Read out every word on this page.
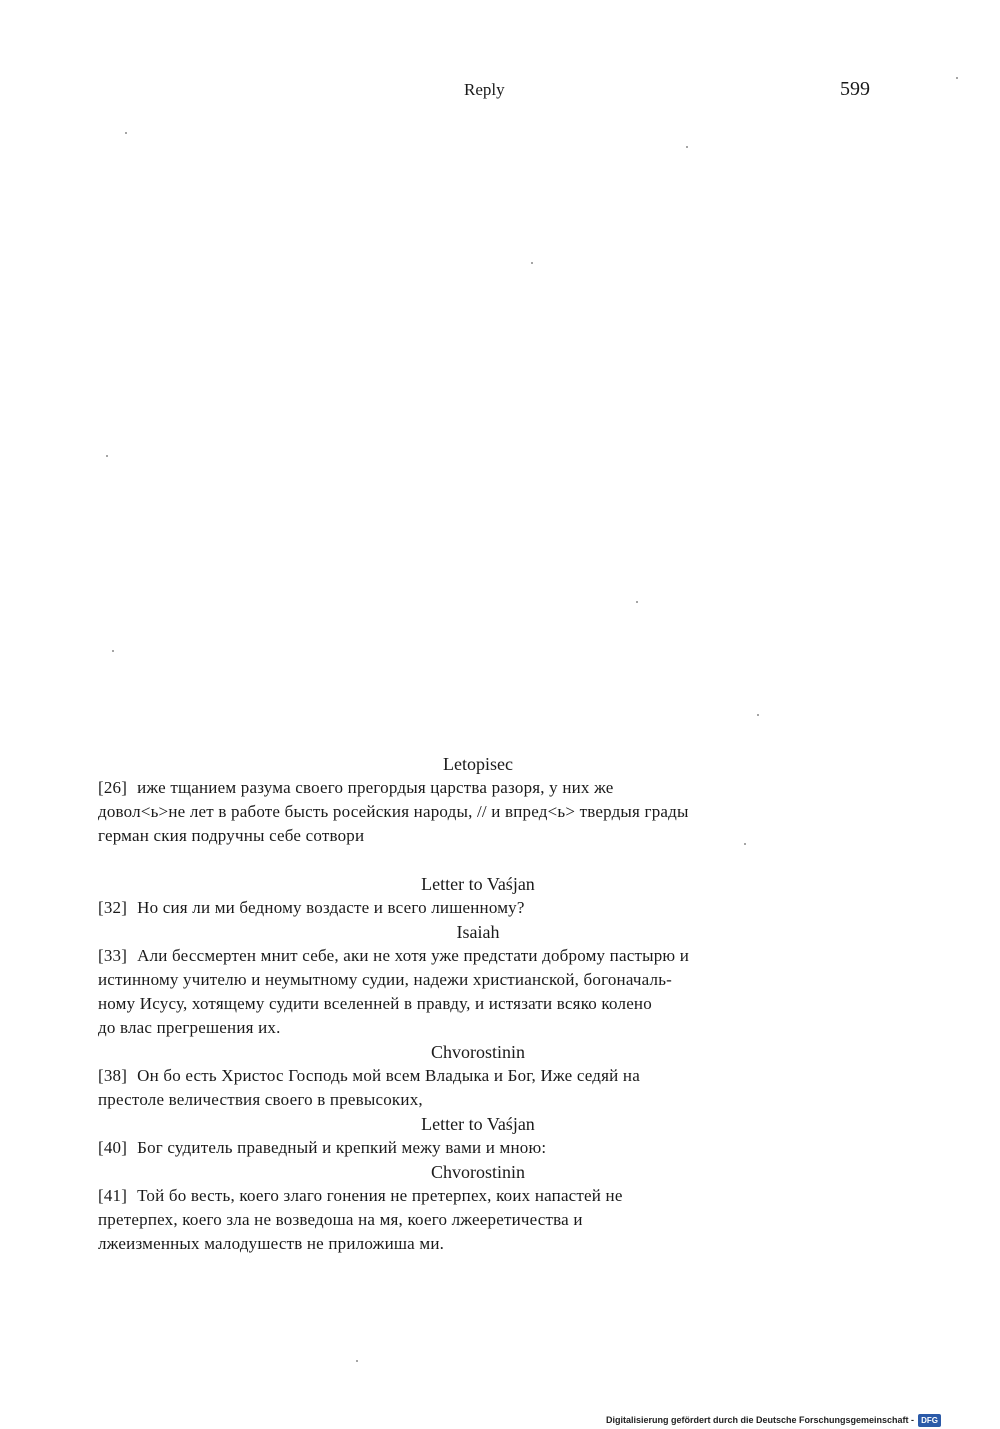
Reply	599
Letopisec

[26] иже тщанием разума своего прегордыя царства разоря, у них же
довол<ь>не лет в работе бысть росейския народы, // и впред<ь> твердыя грады
герман ския подручны себе сотвори

Letter to Vaśjan

[32] Но сия ли ми бедному воздасте и всего лишенному?

Isaiah

[33] Али бессмертен мнит себе, аки не хотя уже предстати доброму пастырю и
истинному учителю и неумытному судии, надежи христианской, богоначаль-
ному Исусу, хотящему судити вселенней в правду, и истязати всяко колено
до влас прегрешения их.

Chvorostinin

[38] Он бо есть Христос Господь мой всем Владыка и Бог, Иже седяй на
престоле величествия своего в превысоких,

Letter to Vaśjan

[40] Бог судитель праведный и крепкий межу вами и мною:

Chvorostinin

[41] Той бо весть, коего злаго гонения не претерпех, коих напастей не
претерпех, коего зла не возведоша на мя, коего лжееретичества и
лжеизменных малодушеств не приложиша ми.

Digitalisierung gefördert durch die Deutsche Forschungsgemeinschaft - DFG
